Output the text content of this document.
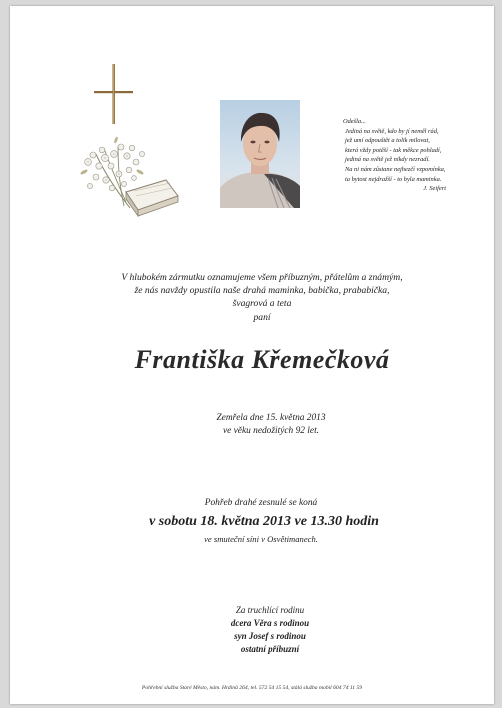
Odešla...
Jediná na světě, kdo by jí neměl rád,
jež umí odpouštět a tolik milovat,
která vždy potěší - tak měkce pohladí,
jediná na světě jež nikdy nezradí.
Na ni nám zůstane nejhezčí vzpomínka,
ta bytost nejdražší - to byla maminka.
J. Seifert
V hlubokém zármutku oznamujeme všem příbuzným, přátelům a známým,
že nás navždy opustila naše drahá maminka, babička, prababička,
švagrová a teta
paní
Františka Křemečková
Zemřela dne 15. května 2013
ve věku nedožitých 92 let.
Pohřeb drahé zesnulé se koná
v sobotu 18. května 2013 ve 13.30 hodin
ve smuteční síni v Osvětimanech.
Za truchlící rodinu
dcera Věra s rodinou
syn Josef s rodinou
ostatní příbuzní
Pohřební služba Staré Město, nám. Hrdinů 264, tel. 572 54 15 54, stálá služba mobil 604 74 11 59
